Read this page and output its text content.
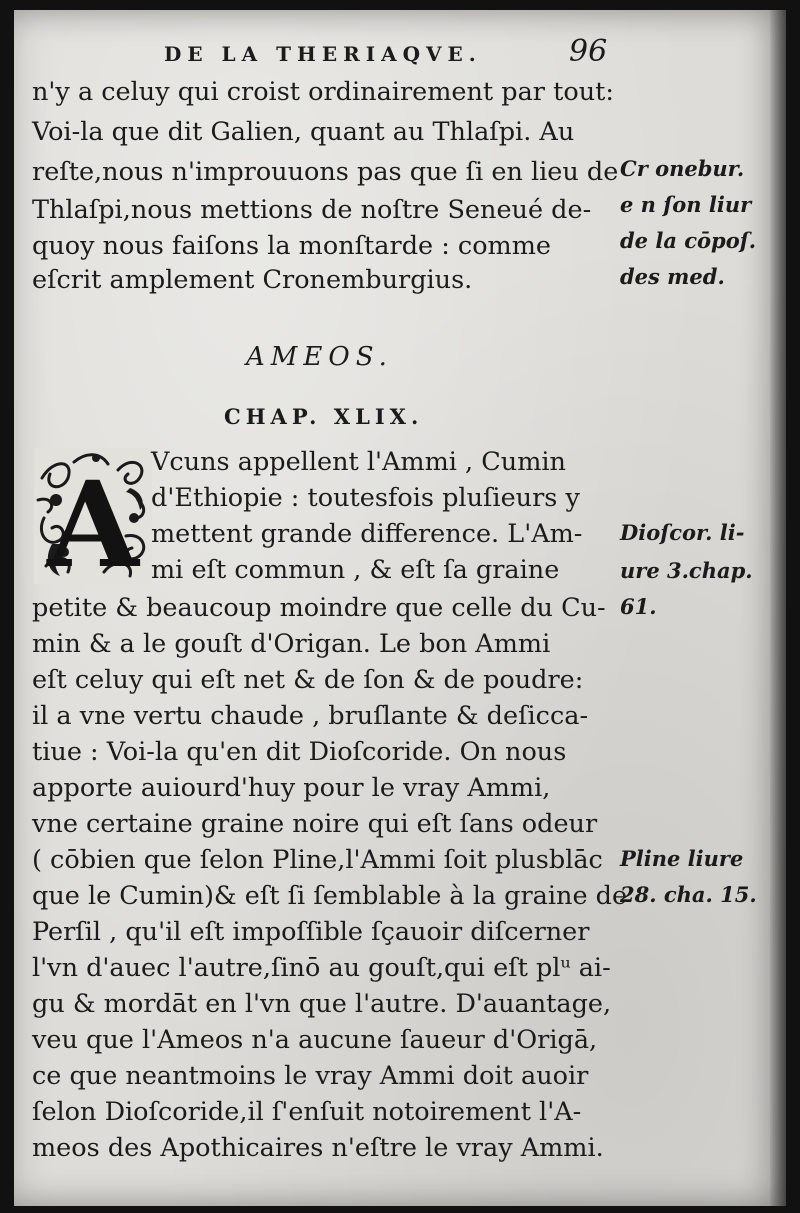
DE LA THERIAQVE.	96
n'y a celuy qui croist ordinairement par tout:
Voi-la que dit Galien, quant au Thlaſpi. Au
reſte,nous n'improuuons pas que ſi en lieu de
Thlaſpi,nous mettions de noſtre Seneué de-
quoy nous faiſons la monſtarde : comme
eſcrit amplement Cronemburgius.
Cr onebur.
e n ſon liur
de la cōpoſ.
des med.
AMEOS.
CHAP. XLIX.
A Vcuns appellent l'Ammi , Cumin
d'Ethiopie : toutesfois pluſieurs y
mettent grande difference. L'Am-
mi eſt commun , & eſt ſa graine
Dioſcor. li-
ure 3.chap.
61.
petite & beaucoup moindre que celle du Cu-
min & a le gouſt d'Origan. Le bon Ammi
eſt celuy qui eſt net & de ſon & de poudre:
il a vne vertu chaude , bruſlante & deſicca-
tiue : Voi-la qu'en dit Dioſcoride. On nous
apporte auiourd'huy pour le vray Ammi,
vne certaine graine noire qui eſt ſans odeur
( cōbien que ſelon Pline,l'Ammi ſoit plusblāc
que le Cumin)& eſt ſi ſemblable à la graine de
Perſil , qu'il eſt impoſſible ſçauoir diſcerner
l'vn d'auec l'autre,ſinō au gouſt,qui eſt plᵘ ai-
gu & mordāt en l'vn que l'autre. D'auantage,
veu que l'Ameos n'a aucune ſaueur d'Origā,
ce que neantmoins le vray Ammi doit auoir
ſelon Dioſcoride,il ſ'enſuit notoirement l'A-
meos des Apothicaires n'eſtre le vray Ammi.
Pline liure
28. cha. 15.
